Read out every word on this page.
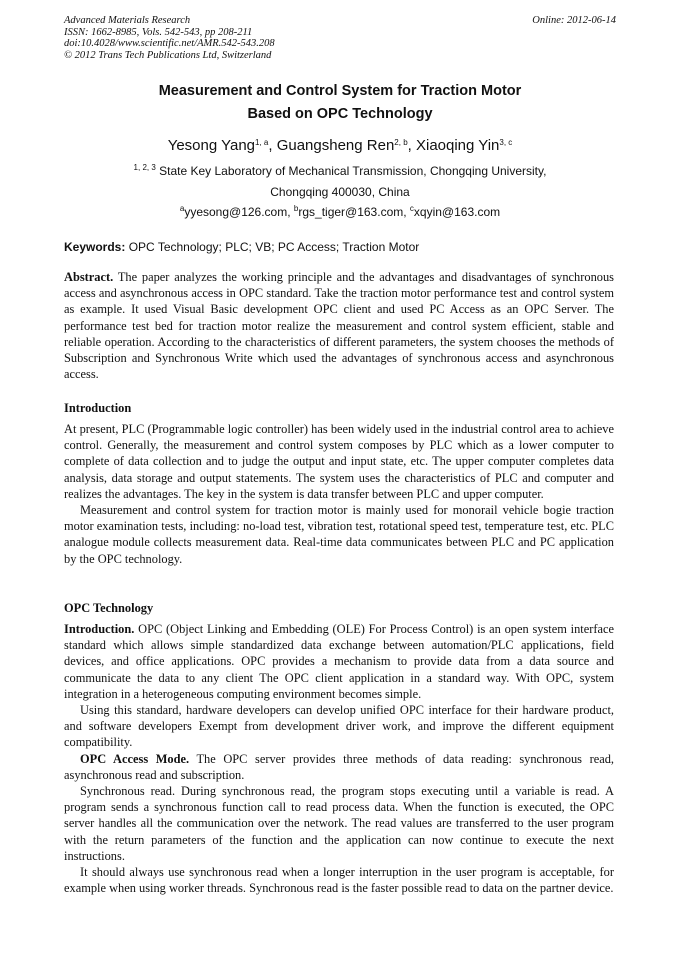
Advanced Materials Research
ISSN: 1662-8985, Vols. 542-543, pp 208-211
doi:10.4028/www.scientific.net/AMR.542-543.208
© 2012 Trans Tech Publications Ltd, Switzerland
Online: 2012-06-14
Measurement and Control System for Traction Motor
Based on OPC Technology
Yesong Yang$^{1, a}$, Guangsheng Ren$^{2, b}$, Xiaoqing Yin$^{3, c}$
$^{1, 2, 3}$ State Key Laboratory of Mechanical Transmission, Chongqing University,
Chongqing 400030, China
$^a$yyesong@126.com, $^b$rgs_tiger@163.com, $^c$xqyin@163.com
Keywords: OPC Technology; PLC; VB; PC Access; Traction Motor

Abstract. The paper analyzes the working principle and the advantages and disadvantages of synchronous access and asynchronous access in OPC standard. Take the traction motor performance test and control system as example. It used Visual Basic development OPC client and used PC Access as an OPC Server. The performance test bed for traction motor realize the measurement and control system efficient, stable and reliable operation. According to the characteristics of different parameters, the system chooses the methods of Subscription and Synchronous Write which used the advantages of synchronous access and asynchronous access.

Introduction

At present, PLC (Programmable logic controller) has been widely used in the industrial control area to achieve control. Generally, the measurement and control system composes by PLC which as a lower computer to complete of data collection and to judge the output and input state, etc. The upper computer completes data analysis, data storage and output statements. The system uses the characteristics of PLC and computer and realizes the advantages. The key in the system is data transfer between PLC and upper computer.

Measurement and control system for traction motor is mainly used for monorail vehicle bogie traction motor examination tests, including: no-load test, vibration test, rotational speed test, temperature test, etc. PLC analogue module collects measurement data. Real-time data communicates between PLC and PC application by the OPC technology.

OPC Technology

Introduction. OPC (Object Linking and Embedding (OLE) For Process Control) is an open system interface standard which allows simple standardized data exchange between automation/PLC applications, field devices, and office applications. OPC provides a mechanism to provide data from a data source and communicate the data to any client The OPC client application in a standard way. With OPC, system integration in a heterogeneous computing environment becomes simple.

Using this standard, hardware developers can develop unified OPC interface for their hardware product, and software developers Exempt from development driver work, and improve the different equipment compatibility.

OPC Access Mode. The OPC server provides three methods of data reading: synchronous read, asynchronous read and subscription.

Synchronous read. During synchronous read, the program stops executing until a variable is read. A program sends a synchronous function call to read process data. When the function is executed, the OPC server handles all the communication over the network. The read values are transferred to the user program with the return parameters of the function and the application can now continue to execute the next instructions.

It should always use synchronous read when a longer interruption in the user program is acceptable, for example when using worker threads. Synchronous read is the faster possible read to data on the partner device.
